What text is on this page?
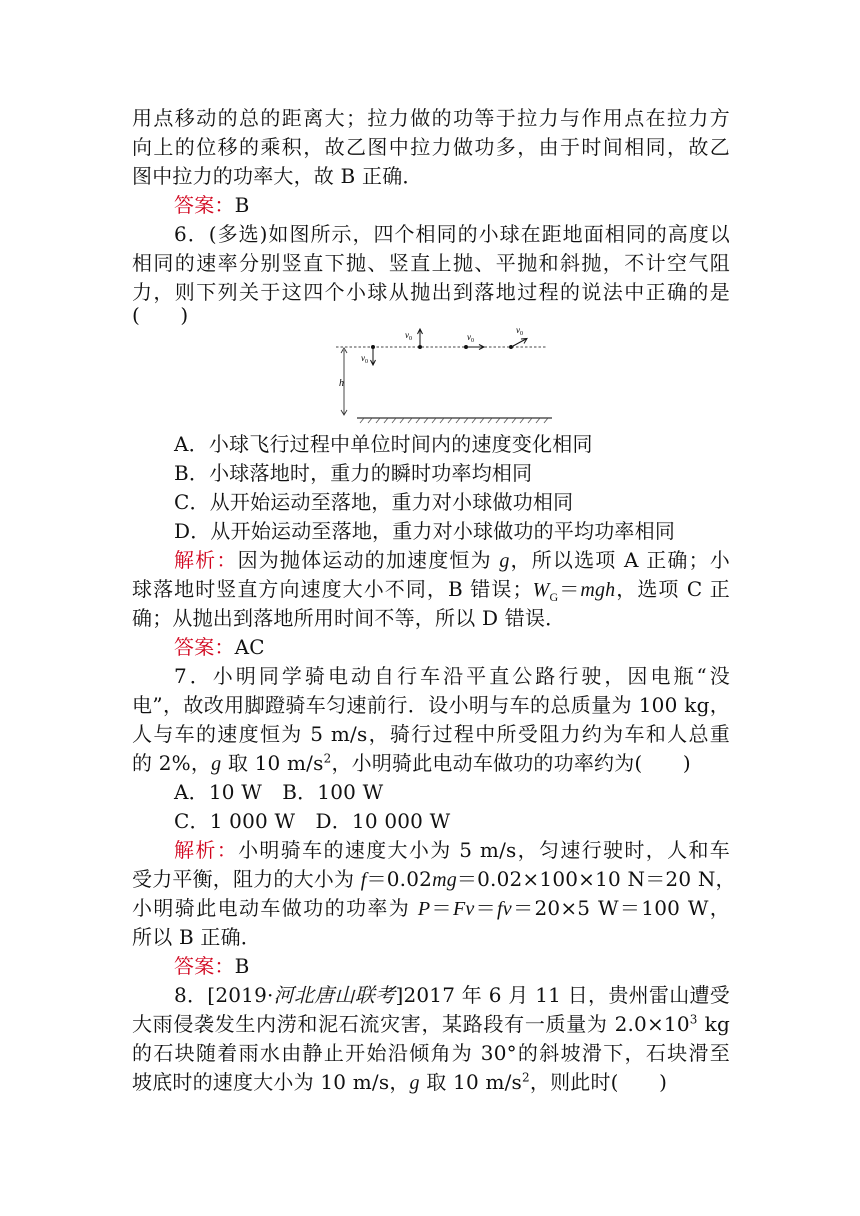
用点移动的总的距离大；拉力做的功等于拉力与作用点在拉力方
向上的位移的乘积，故乙图中拉力做功多，由于时间相同，故乙
图中拉力的功率大，故 B 正确．
答案：B
6．(多选)如图所示，四个相同的小球在距地面相同的高度以
相同的速率分别竖直下抛、竖直上抛、平抛和斜抛，不计空气阻
力，则下列关于这四个小球从抛出到落地过程的说法中正确的是
(　　)
h
$v_0$
$v_0$	$v_0$
$v_0$
A．小球飞行过程中单位时间内的速度变化相同
B．小球落地时，重力的瞬时功率均相同
C．从开始运动至落地，重力对小球做功相同
D．从开始运动至落地，重力对小球做功的平均功率相同
解析：因为抛体运动的加速度恒为 g，所以选项 A 正确；小
球落地时竖直方向速度大小不同，B 错误；$W_G=mgh$，选项 C 正
确；从抛出到落地所用时间不等，所以 D 错误．
答案：AC
7．小明同学骑电动自行车沿平直公路行驶，因电瓶“没
电”，故改用脚蹬骑车匀速前行．设小明与车的总质量为 100 kg，
人与车的速度恒为 5 m/s，骑行过程中所受阻力约为车和人总重
的 2%，g 取 10 $m/s^2$，小明骑此电动车做功的功率约为(　　)
A．10 W　B．100 W
C．1 000 W　D．10 000 W
解析：小明骑车的速度大小为 5 m/s，匀速行驶时，人和车
受力平衡，阻力的大小为 f＝0.02mg＝0.02×100×10 N＝20 N，
小明骑此电动车做功的功率为 P＝Fv＝fv＝20×5 W＝100 W，
所以 B 正确．
答案：B
8．[2019·河北唐山联考]2017 年 6 月 11 日，贵州雷山遭受
大雨侵袭发生内涝和泥石流灾害，某路段有一质量为 $2.0\times 10^3$ kg
的石块随着雨水由静止开始沿倾角为 30°的斜坡滑下，石块滑至
坡底时的速度大小为 10 m/s，g 取 10 $m/s^2$，则此时(　　)
